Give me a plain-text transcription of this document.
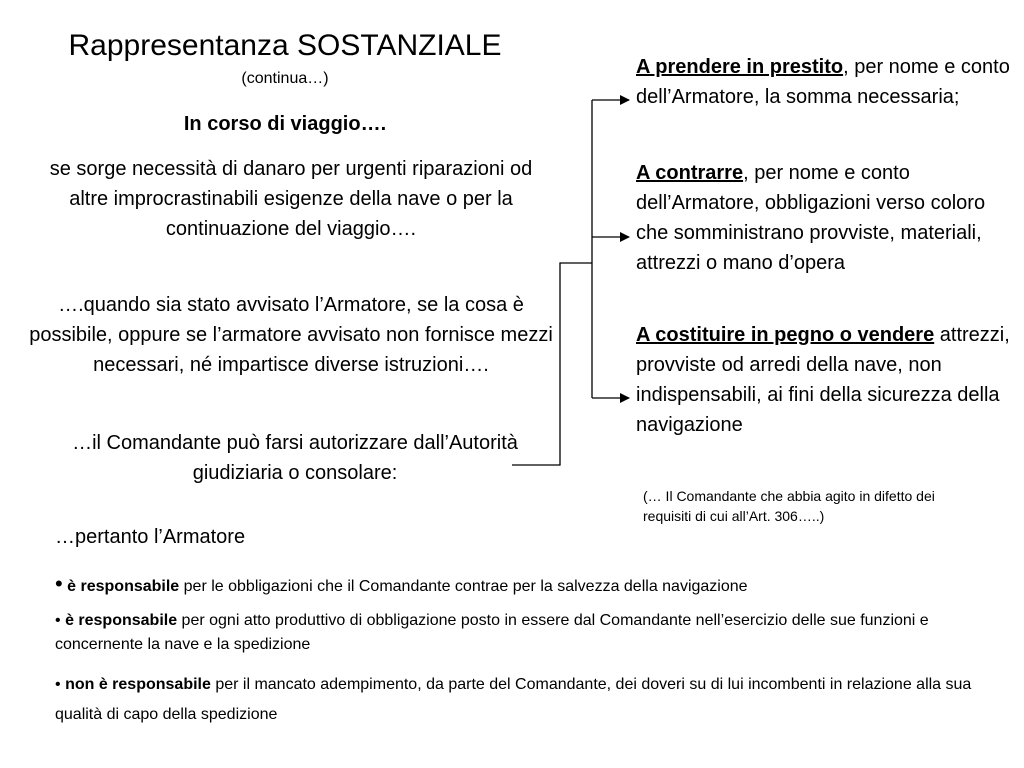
Rappresentanza SOSTANZIALE
(continua…)
In corso di viaggio….
se sorge necessità di danaro per urgenti riparazioni od altre improcrastinabili esigenze della nave o per la continuazione del viaggio….
….quando sia stato avvisato l’Armatore, se la cosa è possibile, oppure se l’armatore avvisato non fornisce mezzi necessari, né impartisce diverse istruzioni….
…il Comandante può farsi autorizzare dall’Autorità giudiziaria o consolare:
A prendere in prestito, per nome e conto dell’Armatore, la somma necessaria;
A contrarre, per nome e conto dell’Armatore, obbligazioni verso coloro che somministrano provviste, materiali, attrezzi o mano d’opera
A costituire in pegno o vendere attrezzi, provviste od arredi della nave, non indispensabili, ai fini della sicurezza della navigazione
(… Il Comandante che abbia agito in difetto dei requisiti di cui all’Art. 306…..)
…pertanto l’Armatore
• è responsabile per le obbligazioni che il Comandante contrae per la salvezza della navigazione
• è responsabile per ogni atto produttivo di obbligazione posto in essere dal Comandante nell’esercizio delle sue funzioni e concernente la nave e la spedizione
• non è responsabile per il mancato adempimento, da parte del Comandante, dei doveri su di lui incombenti in relazione alla sua qualità di capo della spedizione
